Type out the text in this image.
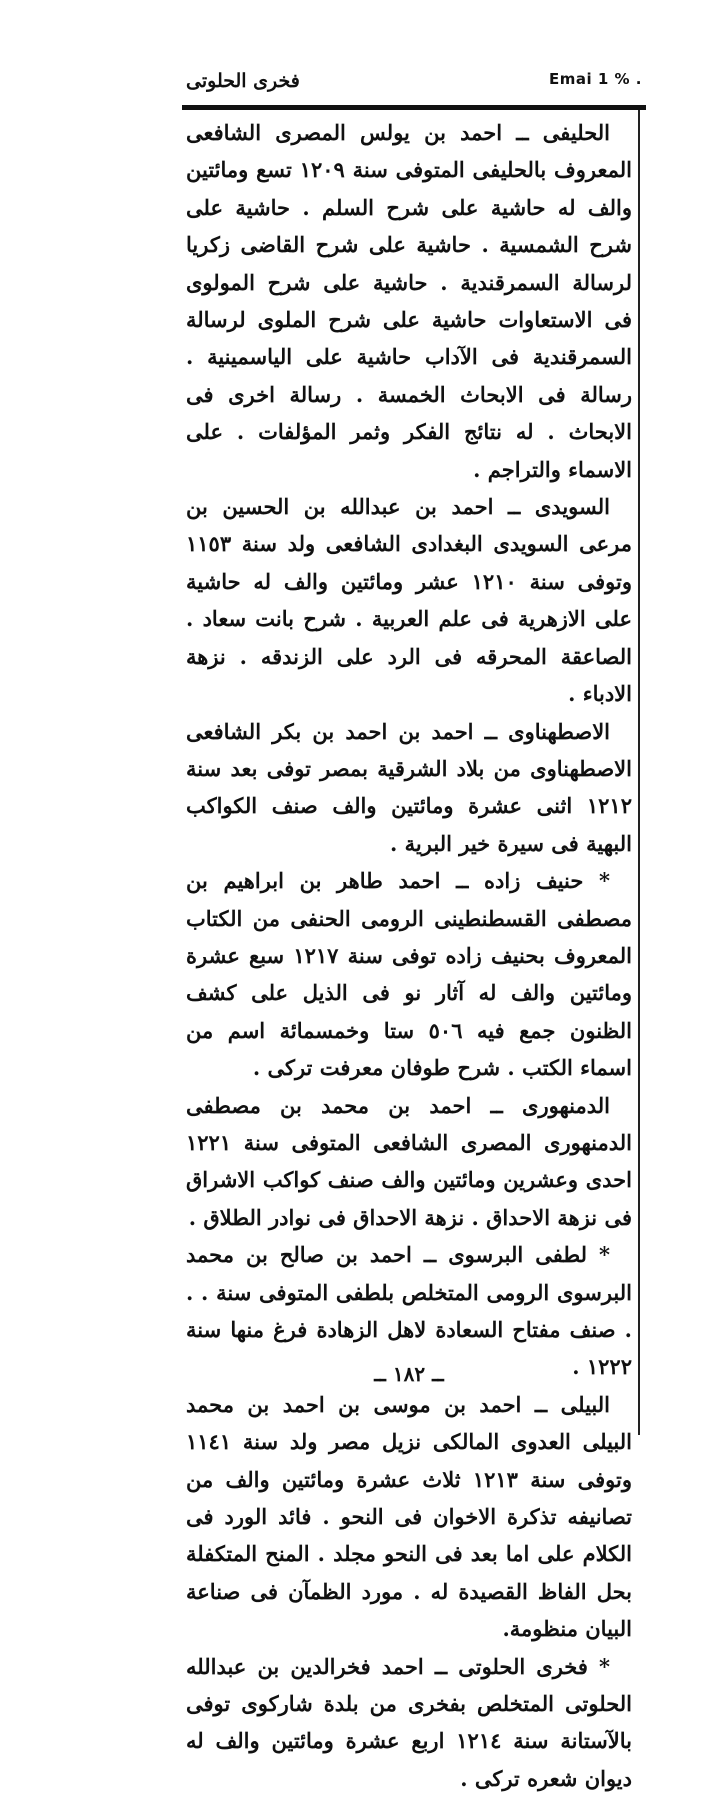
فخرى الحلوتى	Emai 1 % .

الحليفى ــ احمد بن يولس المصرى الشافعى المعروف بالحليفى المتوفى سنة ١٢٠٩ تسع ومائتين والف له حاشية على شرح السلم . حاشية على شرح الشمسية . حاشية على شرح القاضى زكريا لرسالة السمرقندية . حاشية على شرح المولوى فى الاستعاوات حاشية على شرح الملوى لرسالة السمرقندية فى الآداب حاشية على الياسمينية . رسالة فى الابحاث الخمسة . رسالة اخرى فى الابحاث . له نتائج الفكر وثمر المؤلفات . على الاسماء والتراجم .

السويدى ــ احمد بن عبدالله بن الحسين بن مرعى السويدى البغدادى الشافعى ولد سنة ١١٥٣ وتوفى سنة ١٢١٠ عشر ومائتين والف له حاشية على الازهرية فى علم العربية . شرح بانت سعاد . الصاعقة المحرقه فى الرد على الزندقه . نزهة الادباء .

الاصطهناوى ــ احمد بن احمد بن بكر الشافعى الاصطهناوى من بلاد الشرقية بمصر توفى بعد سنة ١٢١٢ اثنى عشرة ومائتين والف صنف الكواكب البهية فى سيرة خير البرية .

* حنيف زاده ــ احمد طاهر بن ابراهيم بن مصطفى القسطنطينى الرومى الحنفى من الكتاب المعروف بحنيف زاده توفى سنة ١٢١٧ سبع عشرة ومائتين والف له آثار نو فى الذيل على كشف الظنون جمع فيه ٥٠٦ ستا وخمسمائة اسم من اسماء الكتب . شرح طوفان معرفت تركى .

الدمنهورى ــ احمد بن محمد بن مصطفى الدمنهورى المصرى الشافعى المتوفى سنة ١٢٢١ احدى وعشرين ومائتين والف صنف كواكب الاشراق فى نزهة الاحداق . نزهة الاحداق فى نوادر الطلاق .

* لطفى البرسوى ــ احمد بن صالح بن محمد البرسوى الرومى المتخلص بلطفى المتوفى سنة . . . صنف مفتاح السعادة لاهل الزهادة فرغ منها سنة ١٢٢٢ .

البيلى ــ احمد بن موسى بن احمد بن محمد البيلى العدوى المالكى نزيل مصر ولد سنة ١١٤١ وتوفى سنة ١٢١٣ ثلاث عشرة ومائتين والف من تصانيفه تذكرة الاخوان فى النحو . فائد الورد فى الكلام على اما بعد فى النحو مجلد . المنح المتكفلة بحل الفاظ القصيدة له . مورد الظمآن فى صناعة البيان منظومة.

* فخرى الحلوتى ــ احمد فخرالدين بن عبدالله الحلوتى المتخلص بفخرى من بلدة شاركوى توفى بالآستانة سنة ١٢١٤ اربع عشرة ومائتين والف له ديوان شعره تركى .

ــ ١٨٢ ــ
